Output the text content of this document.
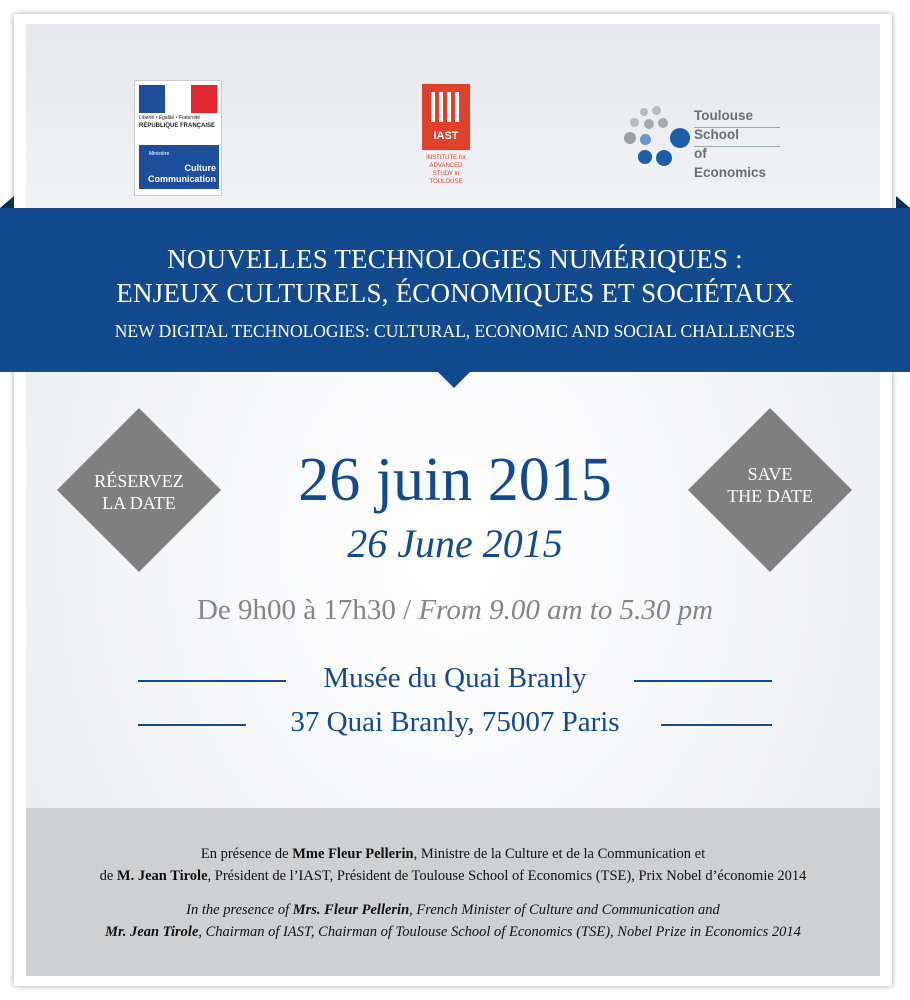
Liberté • Égalité • Fraternité
RÉPUBLIQUE FRANÇAISE
Ministère
Culture
Communication
IAST
INSTITUTE for
ADVANCED
STUDY in
TOULOUSE
Toulouse
School
of Economics
NOUVELLES TECHNOLOGIES NUMÉRIQUES :
ENJEUX CULTURELS, ÉCONOMIQUES ET SOCIÉTAUX
NEW DIGITAL TECHNOLOGIES: CULTURAL, ECONOMIC AND SOCIAL CHALLENGES
RÉSERVEZ
LA DATE
SAVE
THE DATE
26 juin 2015
26 June 2015
De 9h00 à 17h30 / From 9.00 am to 5.30 pm
Musée du Quai Branly
37 Quai Branly, 75007 Paris

En présence de Mme Fleur Pellerin, Ministre de la Culture et de la Communication et

de M. Jean Tirole, Président de l’IAST, Président de Toulouse School of Economics (TSE), Prix Nobel d’économie 2014

In the presence of Mrs. Fleur Pellerin, French Minister of Culture and Communication and

Mr. Jean Tirole, Chairman of IAST, Chairman of Toulouse School of Economics (TSE), Nobel Prize in Economics 2014
